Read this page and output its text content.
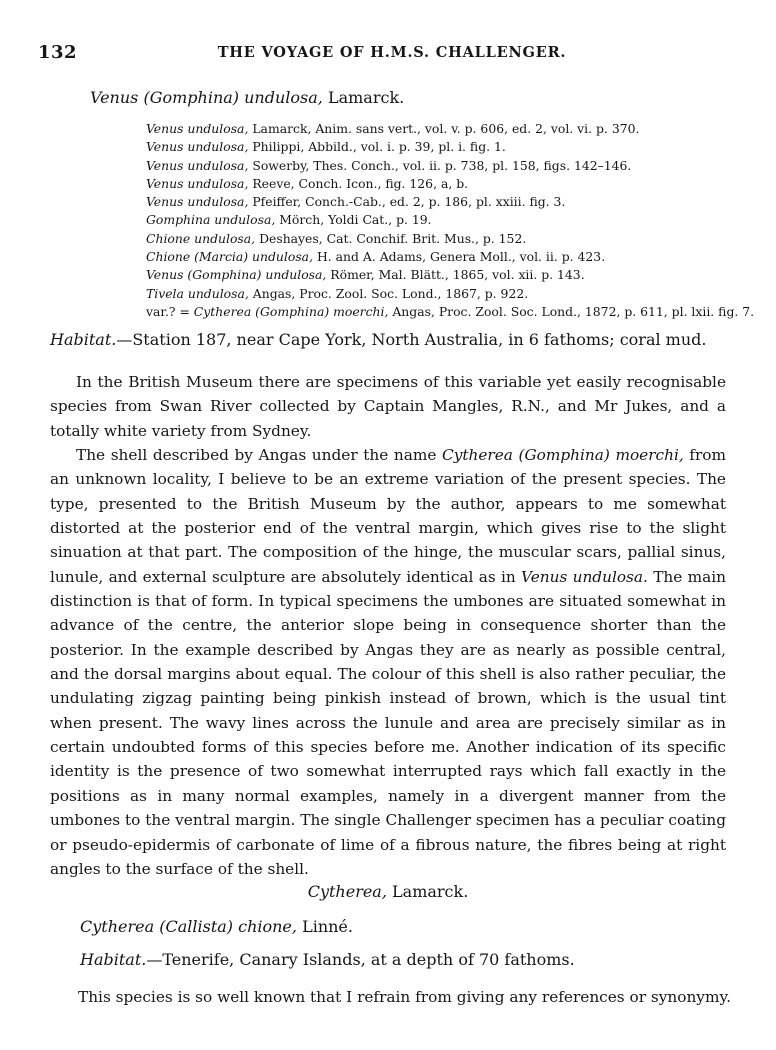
132	THE VOYAGE OF H.M.S. CHALLENGER.
Venus (Gomphina) undulosa, Lamarck.
Venus undulosa, Lamarck, Anim. sans vert., vol. v. p. 606, ed. 2, vol. vi. p. 370.
Venus undulosa, Philippi, Abbild., vol. i. p. 39, pl. i. fig. 1.
Venus undulosa, Sowerby, Thes. Conch., vol. ii. p. 738, pl. 158, figs. 142–146.
Venus undulosa, Reeve, Conch. Icon., fig. 126, a, b.
Venus undulosa, Pfeiffer, Conch.-Cab., ed. 2, p. 186, pl. xxiii. fig. 3.
Gomphina undulosa, Mörch, Yoldi Cat., p. 19.
Chione undulosa, Deshayes, Cat. Conchif. Brit. Mus., p. 152.
Chione (Marcia) undulosa, H. and A. Adams, Genera Moll., vol. ii. p. 423.
Venus (Gomphina) undulosa, Römer, Mal. Blätt., 1865, vol. xii. p. 143.
Tivela undulosa, Angas, Proc. Zool. Soc. Lond., 1867, p. 922.
var.? = Cytherea (Gomphina) moerchi, Angas, Proc. Zool. Soc. Lond., 1872, p. 611, pl. lxii. fig. 7.
Habitat.—Station 187, near Cape York, North Australia, in 6 fathoms; coral mud.
In the British Museum there are specimens of this variable yet easily recognisable species from Swan River collected by Captain Mangles, R.N., and Mr Jukes, and a totally white variety from Sydney.
The shell described by Angas under the name Cytherea (Gomphina) moerchi, from an unknown locality, I believe to be an extreme variation of the present species. The type, presented to the British Museum by the author, appears to me somewhat distorted at the posterior end of the ventral margin, which gives rise to the slight sinuation at that part. The composition of the hinge, the muscular scars, pallial sinus, lunule, and external sculpture are absolutely identical as in Venus undulosa. The main distinction is that of form. In typical specimens the umbones are situated somewhat in advance of the centre, the anterior slope being in consequence shorter than the posterior. In the example described by Angas they are as nearly as possible central, and the dorsal margins about equal. The colour of this shell is also rather peculiar, the undulating zigzag painting being pinkish instead of brown, which is the usual tint when present. The wavy lines across the lunule and area are precisely similar as in certain undoubted forms of this species before me. Another indication of its specific identity is the presence of two somewhat interrupted rays which fall exactly in the positions as in many normal examples, namely in a divergent manner from the umbones to the ventral margin. The single Challenger specimen has a peculiar coating or pseudo-epidermis of carbonate of lime of a fibrous nature, the fibres being at right angles to the surface of the shell.
Cytherea, Lamarck.
Cytherea (Callista) chione, Linné.
Habitat.—Tenerife, Canary Islands, at a depth of 70 fathoms.
This species is so well known that I refrain from giving any references or synonymy.
